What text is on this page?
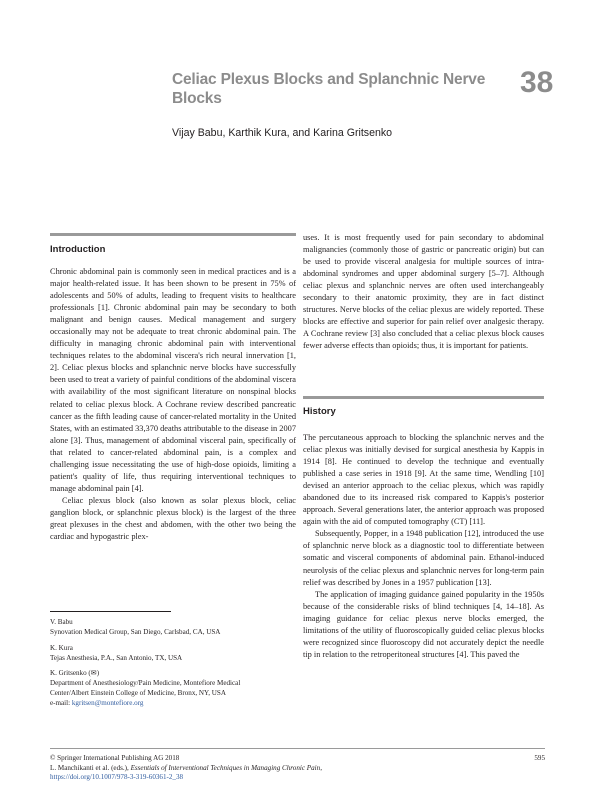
Celiac Plexus Blocks and Splanchnic Nerve Blocks	38
Vijay Babu, Karthik Kura, and Karina Gritsenko
Introduction

Chronic abdominal pain is commonly seen in medical practices and is a major health-related issue. It has been shown to be present in 75% of adolescents and 50% of adults, leading to frequent visits to healthcare professionals [1]. Chronic abdominal pain may be secondary to both malignant and benign causes. Medical management and surgery occasionally may not be adequate to treat chronic abdominal pain. The difficulty in managing chronic abdominal pain with interventional techniques relates to the abdominal viscera's rich neural innervation [1, 2]. Celiac plexus blocks and splanchnic nerve blocks have successfully been used to treat a variety of painful conditions of the abdominal viscera with availability of the most significant literature on nonspinal blocks related to celiac plexus block. A Cochrane review described pancreatic cancer as the fifth leading cause of cancer-related mortality in the United States, with an estimated 33,370 deaths attributable to the disease in 2007 alone [3]. Thus, management of abdominal visceral pain, specifically of that related to cancer-related abdominal pain, is a complex and challenging issue necessitating the use of high-dose opioids, limiting a patient's quality of life, thus requiring interventional techniques to manage abdominal pain [4].

Celiac plexus block (also known as solar plexus block, celiac ganglion block, or splanchnic plexus block) is the largest of the three great plexuses in the chest and abdomen, with the other two being the cardiac and hypogastric plex-

uses. It is most frequently used for pain secondary to abdominal malignancies (commonly those of gastric or pancreatic origin) but can be used to provide visceral analgesia for multiple sources of intra-abdominal syndromes and upper abdominal surgery [5–7]. Although celiac plexus and splanchnic nerves are often used interchangeably secondary to their anatomic proximity, they are in fact distinct structures. Nerve blocks of the celiac plexus are widely reported. These blocks are effective and superior for pain relief over analgesic therapy. A Cochrane review [3] also concluded that a celiac plexus block causes fewer adverse effects than opioids; thus, it is important for patients.

History

The percutaneous approach to blocking the splanchnic nerves and the celiac plexus was initially devised for surgical anesthesia by Kappis in 1914 [8]. He continued to develop the technique and eventually published a case series in 1918 [9]. At the same time, Wendling [10] devised an anterior approach to the celiac plexus, which was rapidly abandoned due to its increased risk compared to Kappis's posterior approach. Several generations later, the anterior approach was proposed again with the aid of computed tomography (CT) [11].

Subsequently, Popper, in a 1948 publication [12], introduced the use of splanchnic nerve block as a diagnostic tool to differentiate between somatic and visceral components of abdominal pain. Ethanol-induced neurolysis of the celiac plexus and splanchnic nerves for long-term pain relief was described by Jones in a 1957 publication [13].

The application of imaging guidance gained popularity in the 1950s because of the considerable risks of blind techniques [4, 14–18]. As imaging guidance for celiac plexus nerve blocks emerged, the limitations of the utility of fluoroscopically guided celiac plexus blocks were recognized since fluoroscopy did not accurately depict the needle tip in relation to the retroperitoneal structures [4]. This paved the

V. Babu
Synovation Medical Group, San Diego, Carlsbad, CA, USA
K. Kura
Tejas Anesthesia, P.A., San Antonio, TX, USA
K. Gritsenko (✉)
Department of Anesthesiology/Pain Medicine, Montefiore Medical
Center/Albert Einstein College of Medicine, Bronx, NY, USA
e-mail: kgritsen@montefiore.org
© Springer International Publishing AG 2018
L. Manchikanti et al. (eds.), Essentials of Interventional Techniques in Managing Chronic Pain,
https://doi.org/10.1007/978-3-319-60361-2_38
595
